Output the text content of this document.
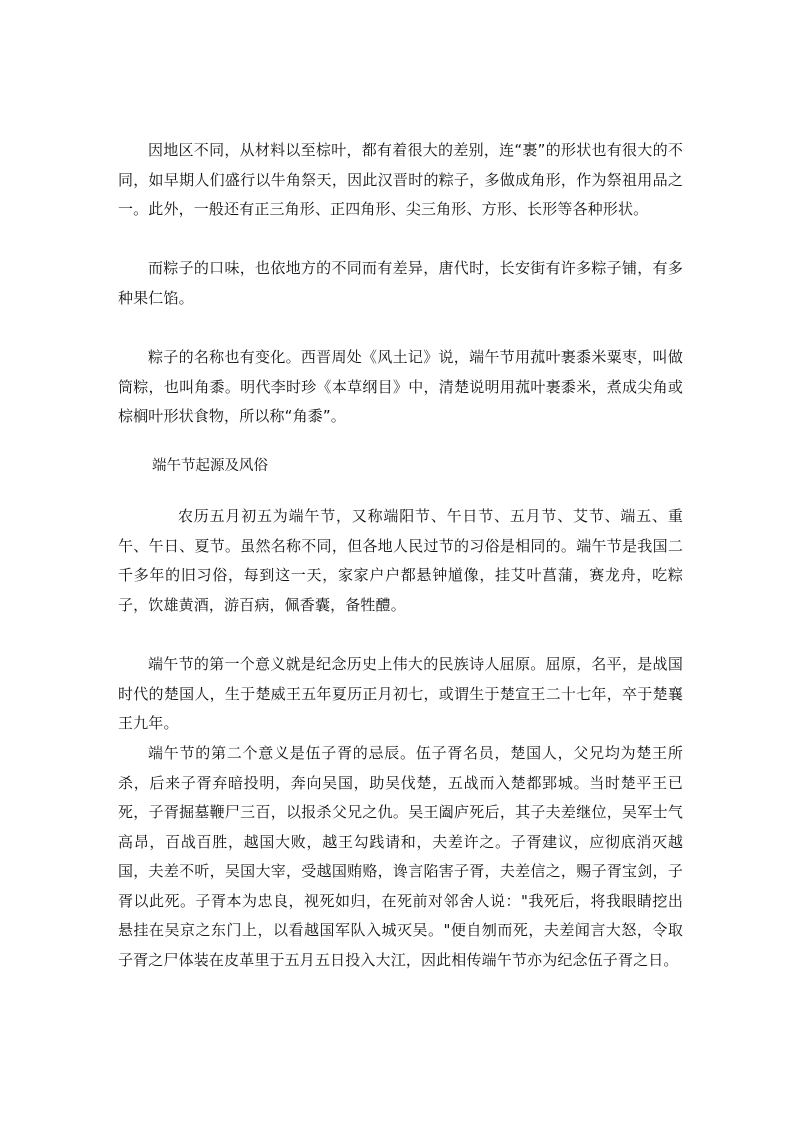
因地区不同，从材料以至棕叶，都有着很大的差别，连“裹”的形状也有很大的不同，如早期人们盛行以牛角祭天，因此汉晋时的粽子，多做成角形，作为祭祖用品之一。此外，一般还有正三角形、正四角形、尖三角形、方形、长形等各种形状。

而粽子的口味，也依地方的不同而有差异，唐代时，长安街有许多粽子铺，有多种果仁馅。

粽子的名称也有变化。西晋周处《风土记》说，端午节用菰叶裹黍米粟枣，叫做筒粽，也叫角黍。明代李时珍《本草纲目》中，清楚说明用菰叶裹黍米，煮成尖角或棕榈叶形状食物，所以称“角黍”。

端午节起源及风俗

农历五月初五为端午节，又称端阳节、午日节、五月节、艾节、端五、重午、午日、夏节。虽然名称不同，但各地人民过节的习俗是相同的。端午节是我国二千多年的旧习俗，每到这一天，家家户户都悬钟馗像，挂艾叶菖蒲，赛龙舟，吃粽子，饮雄黄酒，游百病，佩香囊，备牲醴。

端午节的第一个意义就是纪念历史上伟大的民族诗人屈原。屈原，名平，是战国时代的楚国人，生于楚威王五年夏历正月初七，或谓生于楚宣王二十七年，卒于楚襄王九年。

端午节的第二个意义是伍子胥的忌辰。伍子胥名员，楚国人，父兄均为楚王所杀，后来子胥弃暗投明，奔向吴国，助吴伐楚，五战而入楚都郢城。当时楚平王已死，子胥掘墓鞭尸三百，以报杀父兄之仇。吴王阖庐死后，其子夫差继位，吴军士气高昂，百战百胜，越国大败，越王勾践请和，夫差许之。子胥建议，应彻底消灭越国，夫差不听，吴国大宰，受越国贿赂，谗言陷害子胥，夫差信之，赐子胥宝剑，子胥以此死。子胥本为忠良，视死如归，在死前对邻舍人说："我死后，将我眼睛挖出悬挂在吴京之东门上，以看越国军队入城灭吴。"便自刎而死，夫差闻言大怒，令取子胥之尸体装在皮革里于五月五日投入大江，因此相传端午节亦为纪念伍子胥之日。
